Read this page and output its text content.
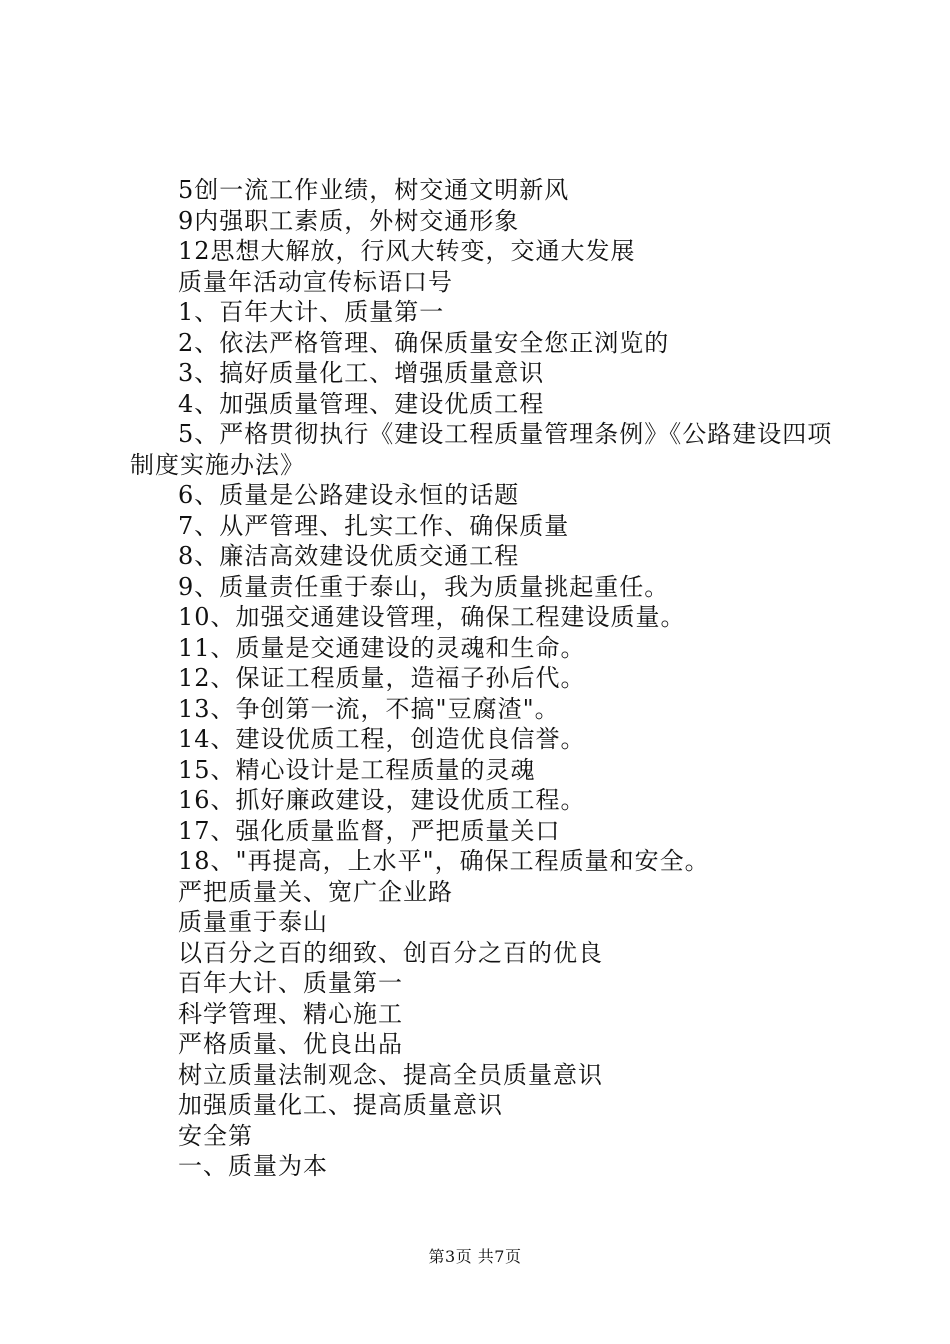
5创一流工作业绩，树交通文明新风
9内强职工素质，外树交通形象
12思想大解放，行风大转变，交通大发展
质量年活动宣传标语口号
1、百年大计、质量第一
2、依法严格管理、确保质量安全您正浏览的
3、搞好质量化工、增强质量意识
4、加强质量管理、建设优质工程
5、严格贯彻执行《建设工程质量管理条例》《公路建设四项制度实施办法》
6、质量是公路建设永恒的话题
7、从严管理、扎实工作、确保质量
8、廉洁高效建设优质交通工程
9、质量责任重于泰山，我为质量挑起重任。
10、加强交通建设管理，确保工程建设质量。
11、质量是交通建设的灵魂和生命。
12、保证工程质量，造福子孙后代。
13、争创第一流，不搞"豆腐渣"。
14、建设优质工程，创造优良信誉。
15、精心设计是工程质量的灵魂
16、抓好廉政建设，建设优质工程。
17、强化质量监督，严把质量关口
18、"再提高，上水平"，确保工程质量和安全。
严把质量关、宽广企业路
质量重于泰山
以百分之百的细致、创百分之百的优良
百年大计、质量第一
科学管理、精心施工
严格质量、优良出品
树立质量法制观念、提高全员质量意识
加强质量化工、提高质量意识
安全第
一、质量为本
第3页 共7页
